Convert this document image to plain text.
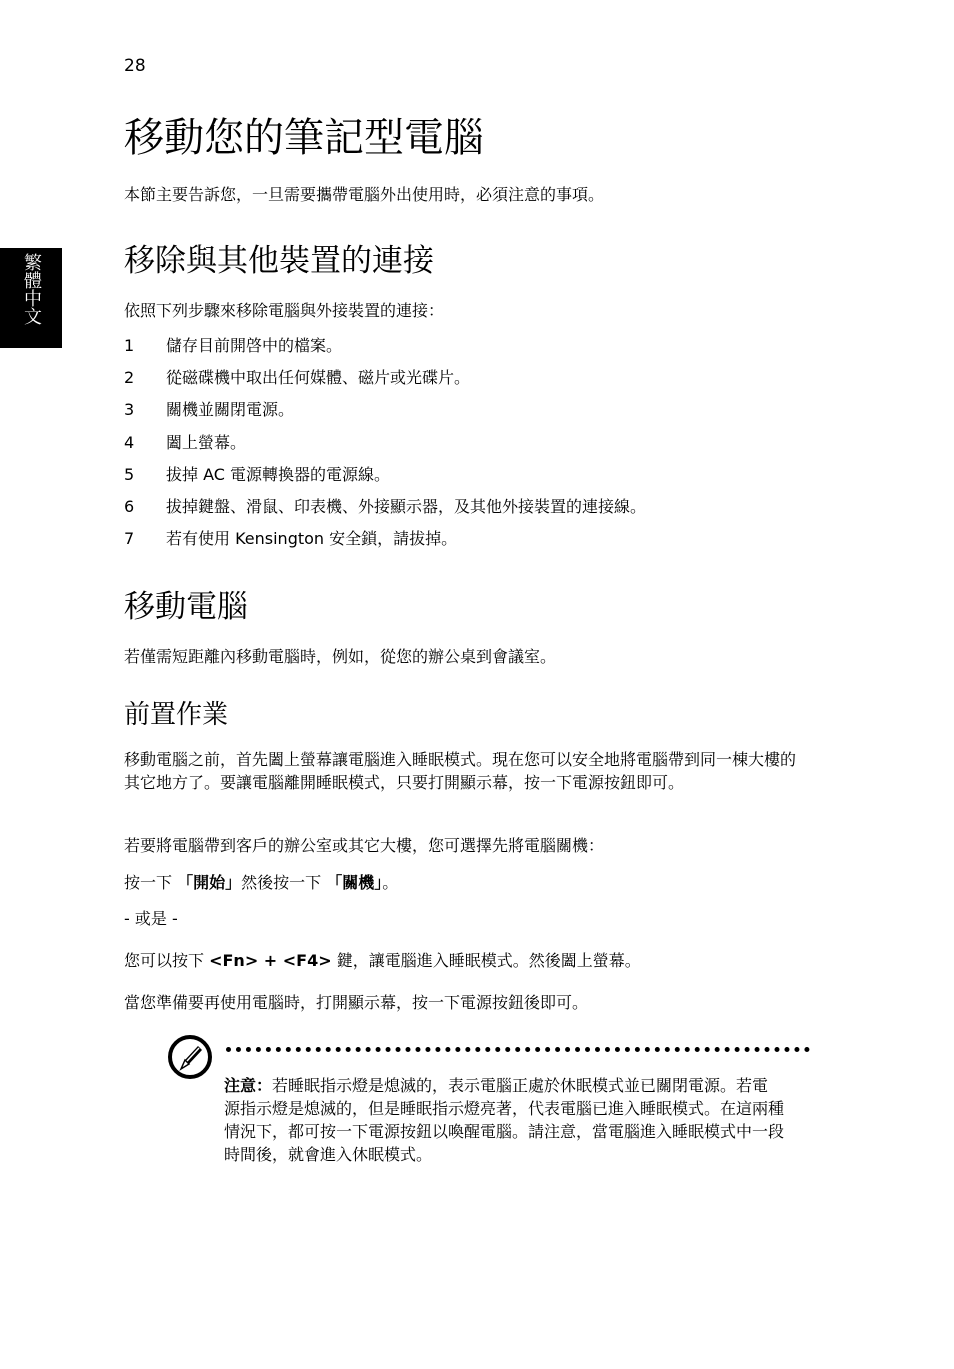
28
繁體中文
移動您的筆記型電腦

本節主要告訴您，一旦需要攜帶電腦外出使用時，必須注意的事項。

移除與其他裝置的連接

依照下列步驟來移除電腦與外接裝置的連接：

1	儲存目前開啓中的檔案。
2	從磁碟機中取出任何媒體、磁片或光碟片。
3	關機並關閉電源。
4	闔上螢幕。
5	拔掉 AC 電源轉換器的電源線。
6	拔掉鍵盤、滑鼠、印表機、外接顯示器，及其他外接裝置的連接線。
7	若有使用 Kensington 安全鎖，請拔掉。
移動電腦

若僅需短距離內移動電腦時，例如，從您的辦公桌到會議室。

前置作業

移動電腦之前，首先闔上螢幕讓電腦進入睡眠模式。現在您可以安全地將電腦帶到同一棟大樓的其它地方了。要讓電腦離開睡眠模式，只要打開顯示幕，按一下電源按鈕即可。

若要將電腦帶到客戶的辦公室或其它大樓，您可選擇先將電腦關機：

按一下 「開始」然後按一下 「關機」。

- 或是 -

您可以按下 <Fn> + <F4> 鍵，讓電腦進入睡眠模式。然後闔上螢幕。

當您準備要再使用電腦時，打開顯示幕，按一下電源按鈕後即可。

注意：若睡眠指示燈是熄滅的，表示電腦正處於休眠模式並已關閉電源。若電源指示燈是熄滅的，但是睡眠指示燈亮著，代表電腦已進入睡眠模式。在這兩種情況下，都可按一下電源按鈕以喚醒電腦。請注意，當電腦進入睡眠模式中一段時間後，就會進入休眠模式。
